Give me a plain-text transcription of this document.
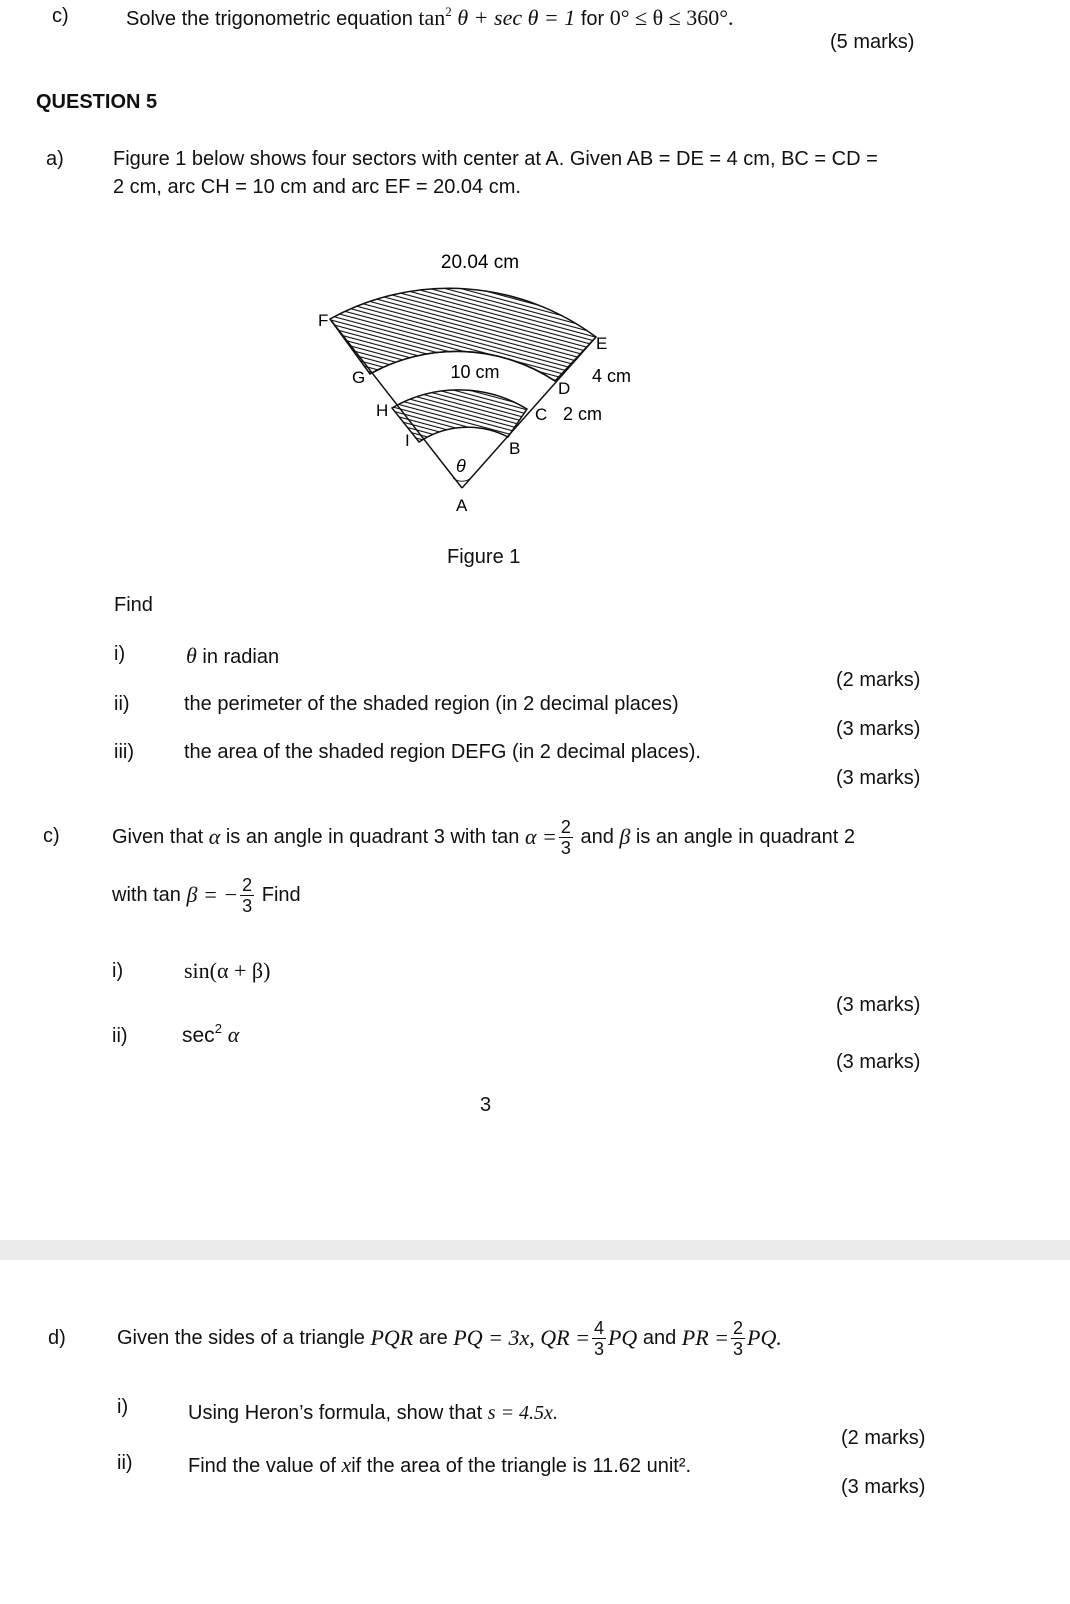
c)	Solve the trigonometric equation $\tan^2 \theta + \sec \theta = 1$ for 0° ≤ θ ≤ 360°.
(5 marks)
QUESTION 5
a) Figure 1 below shows four sectors with center at A. Given AB = DE = 4 cm, BC = CD =
2 cm, arc CH = 10 cm and arc EF = 20.04 cm.
20.04 cm
10 cm	4 cm
2 cm
θ
A
B
C
D
E
F
G
H
I
Figure 1
Find
i)	θ in radian
(2 marks)
ii)	the perimeter of the shaded region (in 2 decimal places)
(3 marks)
iii)	the area of the shaded region DEFG (in 2 decimal places).
(3 marks)
c)	Given that
α
is an angle in quadrant 3 with tan
$\alpha = \frac{2}{3}$
and
β
is an angle in quadrant 2
with tan
β = − $\frac{2}{3}$
Find
i)	sin(α + β)
(3 marks)
ii)	$\sec^2 \alpha$
(3 marks)
3
d)	Given the sides of a triangle
PQR
are
PQ = 3x,
QR = $\frac{4}{3}$ PQ
and
PR = $\frac{2}{3}$ PQ.
i)	Using Heron’s formula, show that s = 4.5x.
(2 marks)
ii)	Find the value of xif the area of the triangle is 11.62 unit².
(3 marks)
